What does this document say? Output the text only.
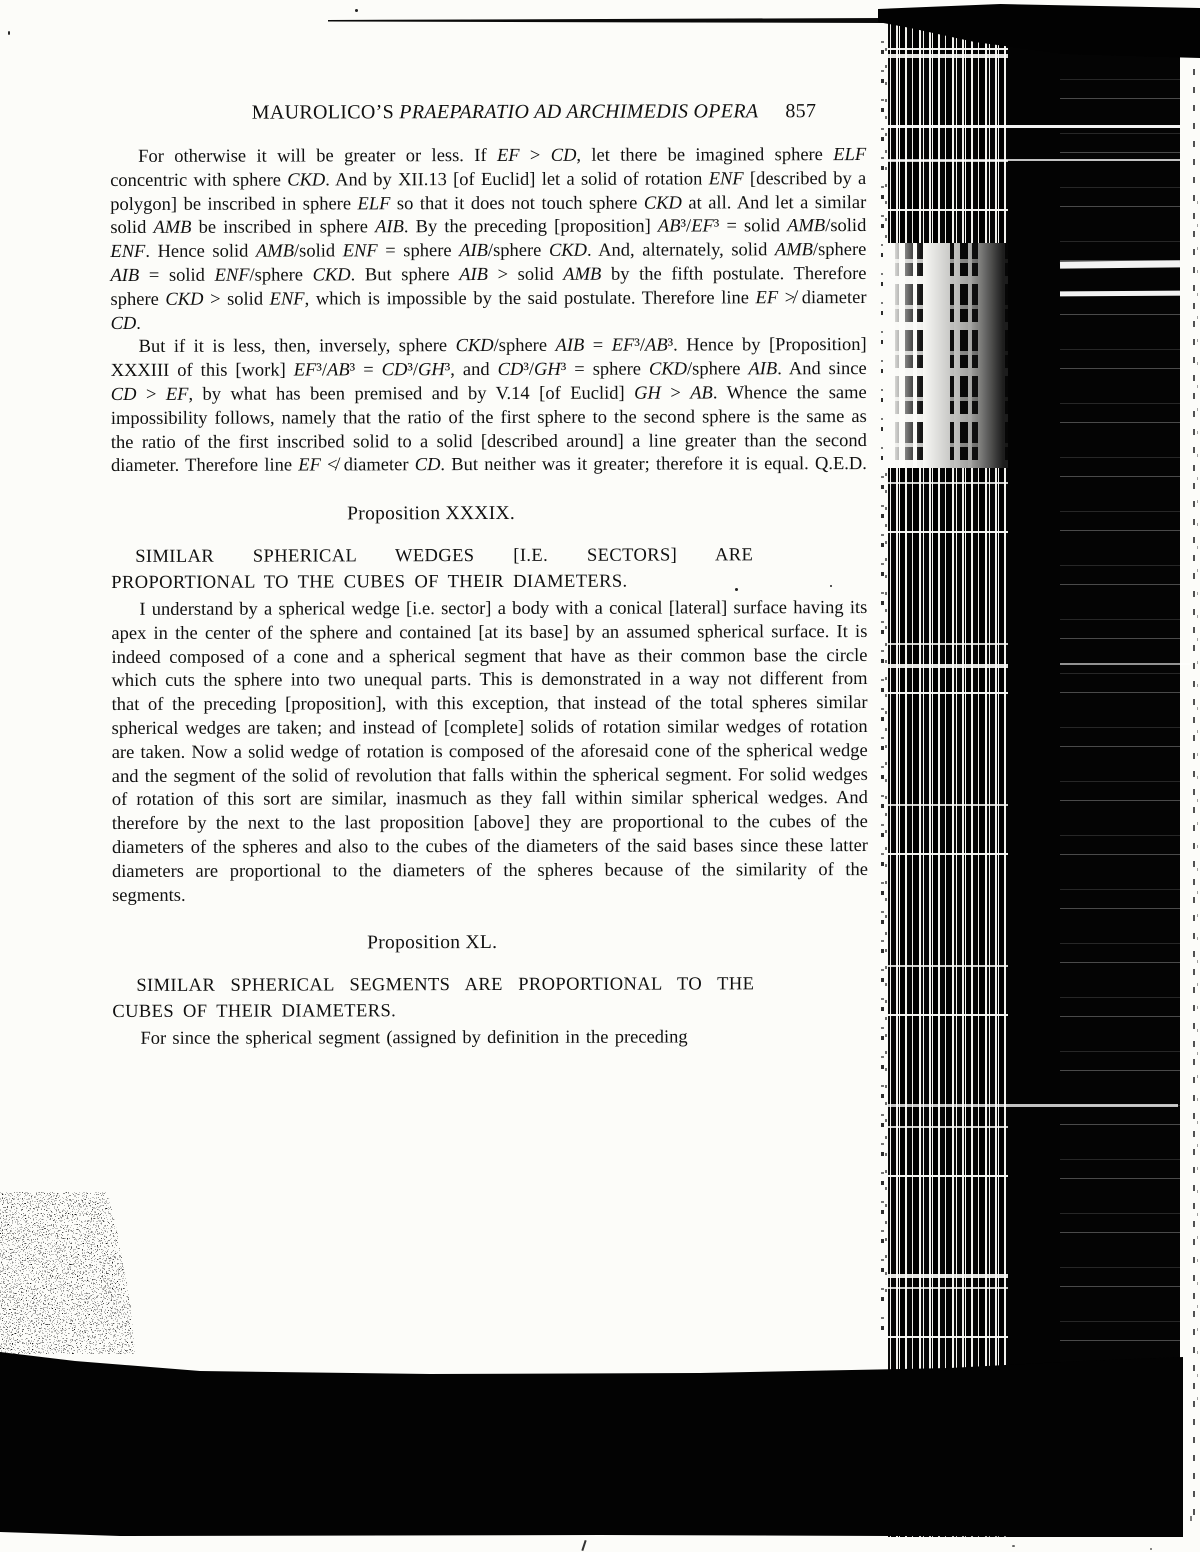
MAUROLICO’S PRAEPARATIO AD ARCHIMEDIS OPERA 857

For otherwise it will be greater or less. If EF > CD, let there be imagined sphere ELF concentric with sphere CKD. And by XII.13 [of Euclid] let a solid of rotation ENF [described by a polygon] be inscribed in sphere ELF so that it does not touch sphere CKD at all. And let a similar solid AMB be inscribed in sphere AIB. By the preceding [proposition] AB³/EF³ = solid AMB/solid ENF. Hence solid AMB/solid ENF = sphere AIB/sphere CKD. And, alternately, solid AMB/sphere AIB = solid ENF/sphere CKD. But sphere AIB > solid AMB by the fifth postulate. Therefore sphere CKD > solid ENF, which is impossible by the said postulate. Therefore line EF ≯ diameter CD.

But if it is less, then, inversely, sphere CKD/sphere AIB = EF³/AB³. Hence by [Proposition] XXXIII of this [work] EF³/AB³ = CD³/GH³, and CD³/GH³ = sphere CKD/sphere AIB. And since CD > EF, by what has been premised and by V.14 [of Euclid] GH > AB. Whence the same impossibility follows, namely that the ratio of the first sphere to the second sphere is the same as the ratio of the first inscribed solid to a solid [described around] a line greater than the second diameter. Therefore line EF ≮ diameter CD. But neither was it greater; therefore it is equal. Q.E.D.

Proposition XXXIX.

SIMILAR SPHERICAL WEDGES [I.E. SECTORS] ARE PROPORTIONAL TO THE CUBES OF THEIR DIAMETERS.

I understand by a spherical wedge [i.e. sector] a body with a conical [lateral] surface having its apex in the center of the sphere and contained [at its base] by an assumed spherical surface. It is indeed composed of a cone and a spherical segment that have as their common base the circle which cuts the sphere into two unequal parts. This is demonstrated in a way not different from that of the preceding [proposition], with this exception, that instead of the total spheres similar spherical wedges are taken; and instead of [complete] solids of rotation similar wedges of rotation are taken. Now a solid wedge of rotation is composed of the aforesaid cone of the spherical wedge and the segment of the solid of revolution that falls within the spherical segment. For solid wedges of rotation of this sort are similar, inasmuch as they fall within similar spherical wedges. And therefore by the next to the last proposition [above] they are proportional to the cubes of the diameters of the spheres and also to the cubes of the diameters of the said bases since these latter diameters are proportional to the diameters of the spheres because of the similarity of the segments.

Proposition XL.

SIMILAR SPHERICAL SEGMENTS ARE PROPORTIONAL TO THE CUBES OF THEIR DIAMETERS.

For since the spherical segment (assigned by definition in the preceding
